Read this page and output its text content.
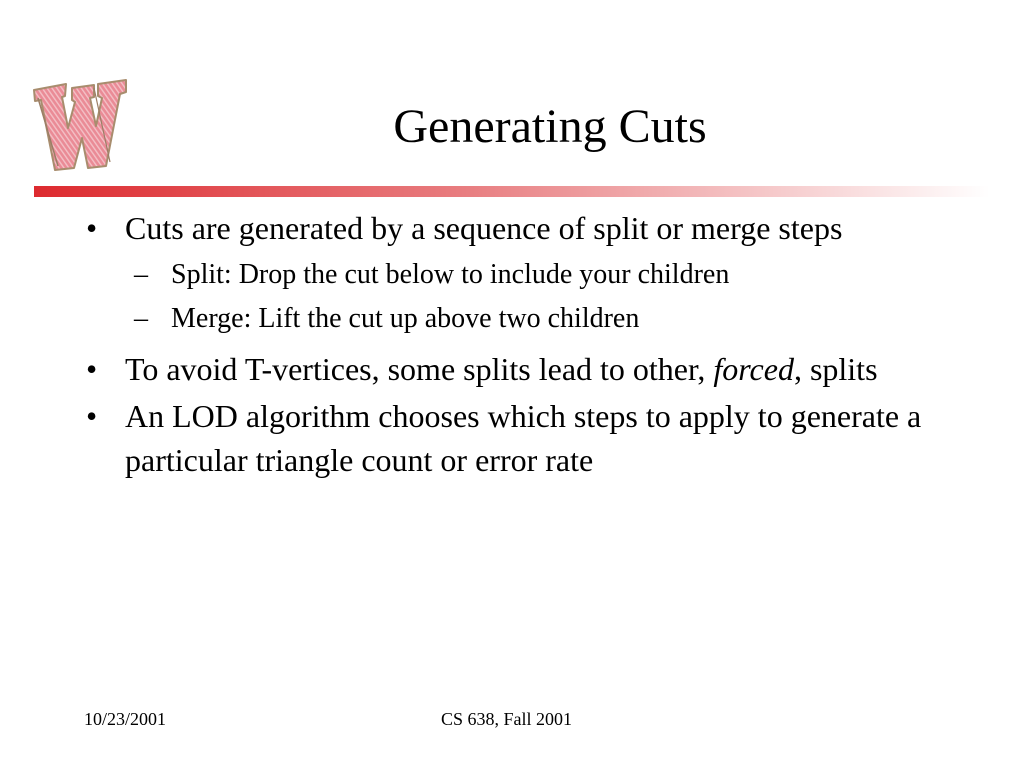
Generating Cuts
• Cuts are generated by a sequence of split or merge steps
– Split: Drop the cut below to include your children
– Merge: Lift the cut up above two children
• To avoid T-vertices, some splits lead to other, forced, splits
• An LOD algorithm chooses which steps to apply to generate a particular triangle count or error rate
10/23/2001	CS 638, Fall 2001
